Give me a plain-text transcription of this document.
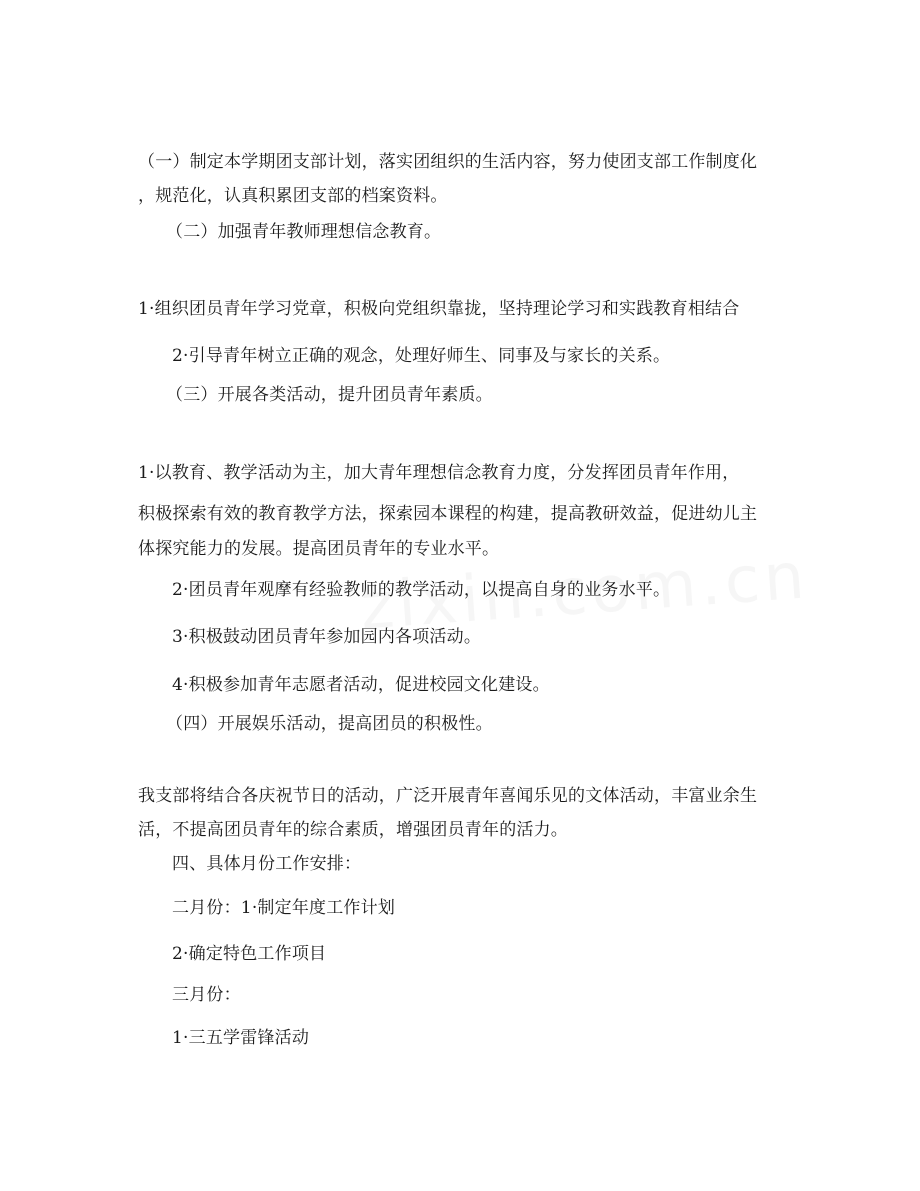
（一）制定本学期团支部计划，落实团组织的生活内容，努力使团支部工作制度化
，规范化，认真积累团支部的档案资料。
（二）加强青年教师理想信念教育。
1·组织团员青年学习党章，积极向党组织靠拢，坚持理论学习和实践教育相结合
2·引导青年树立正确的观念，处理好师生、同事及与家长的关系。
（三）开展各类活动，提升团员青年素质。
1·以教育、教学活动为主，加大青年理想信念教育力度，分发挥团员青年作用，
积极探索有效的教育教学方法，探索园本课程的构建，提高教研效益，促进幼儿主
体探究能力的发展。提高团员青年的专业水平。
2·团员青年观摩有经验教师的教学活动，以提高自身的业务水平。
3·积极鼓动团员青年参加园内各项活动。
4·积极参加青年志愿者活动，促进校园文化建设。
（四）开展娱乐活动，提高团员的积极性。
我支部将结合各庆祝节日的活动，广泛开展青年喜闻乐见的文体活动，丰富业余生
活，不提高团员青年的综合素质，增强团员青年的活力。
四、具体月份工作安排：
二月份：1·制定年度工作计划
2·确定特色工作项目
三月份：
1·三五学雷锋活动
